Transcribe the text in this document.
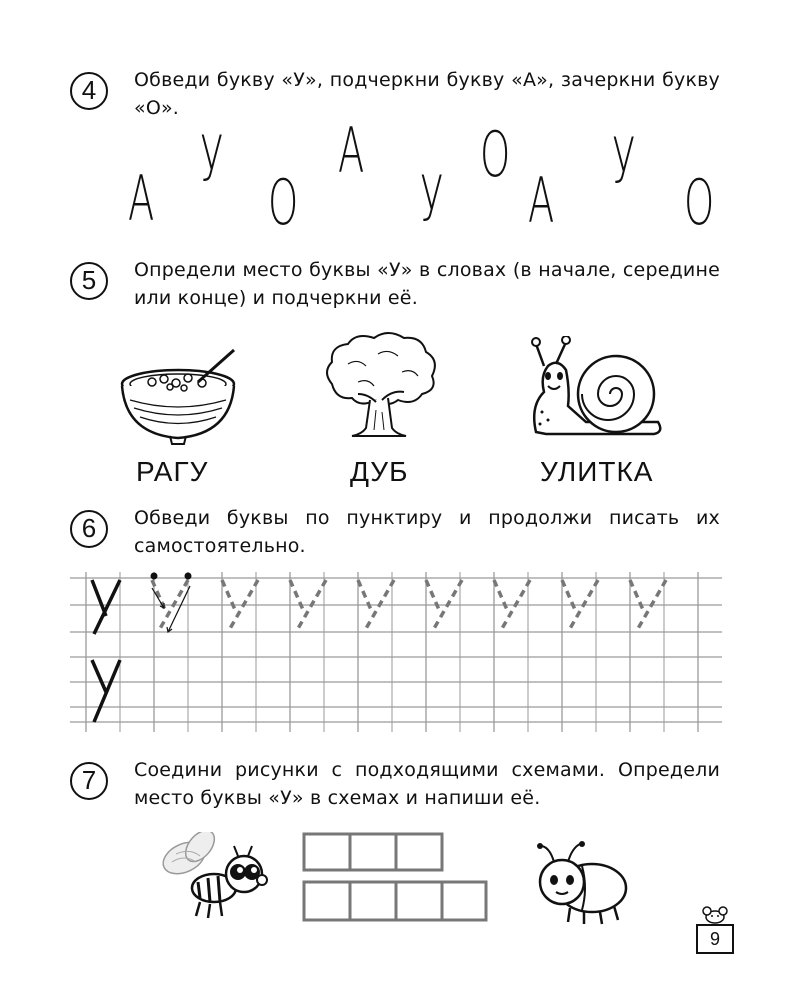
4	Обведи букву «У», подчеркни букву «А», зачеркни букву «О».
А
У
О
А
У
О
А
У
О
5	Определи место буквы «У» в словах (в начале, середине или конце) и подчеркни её.
РАГУ	ДУБ	УЛИТКА
6	Обведи буквы по пунктиру и продолжи писать их самостоятельно.
7	Соедини рисунки с подходящими схемами. Определи место буквы «У» в схемах и напиши её.
9
